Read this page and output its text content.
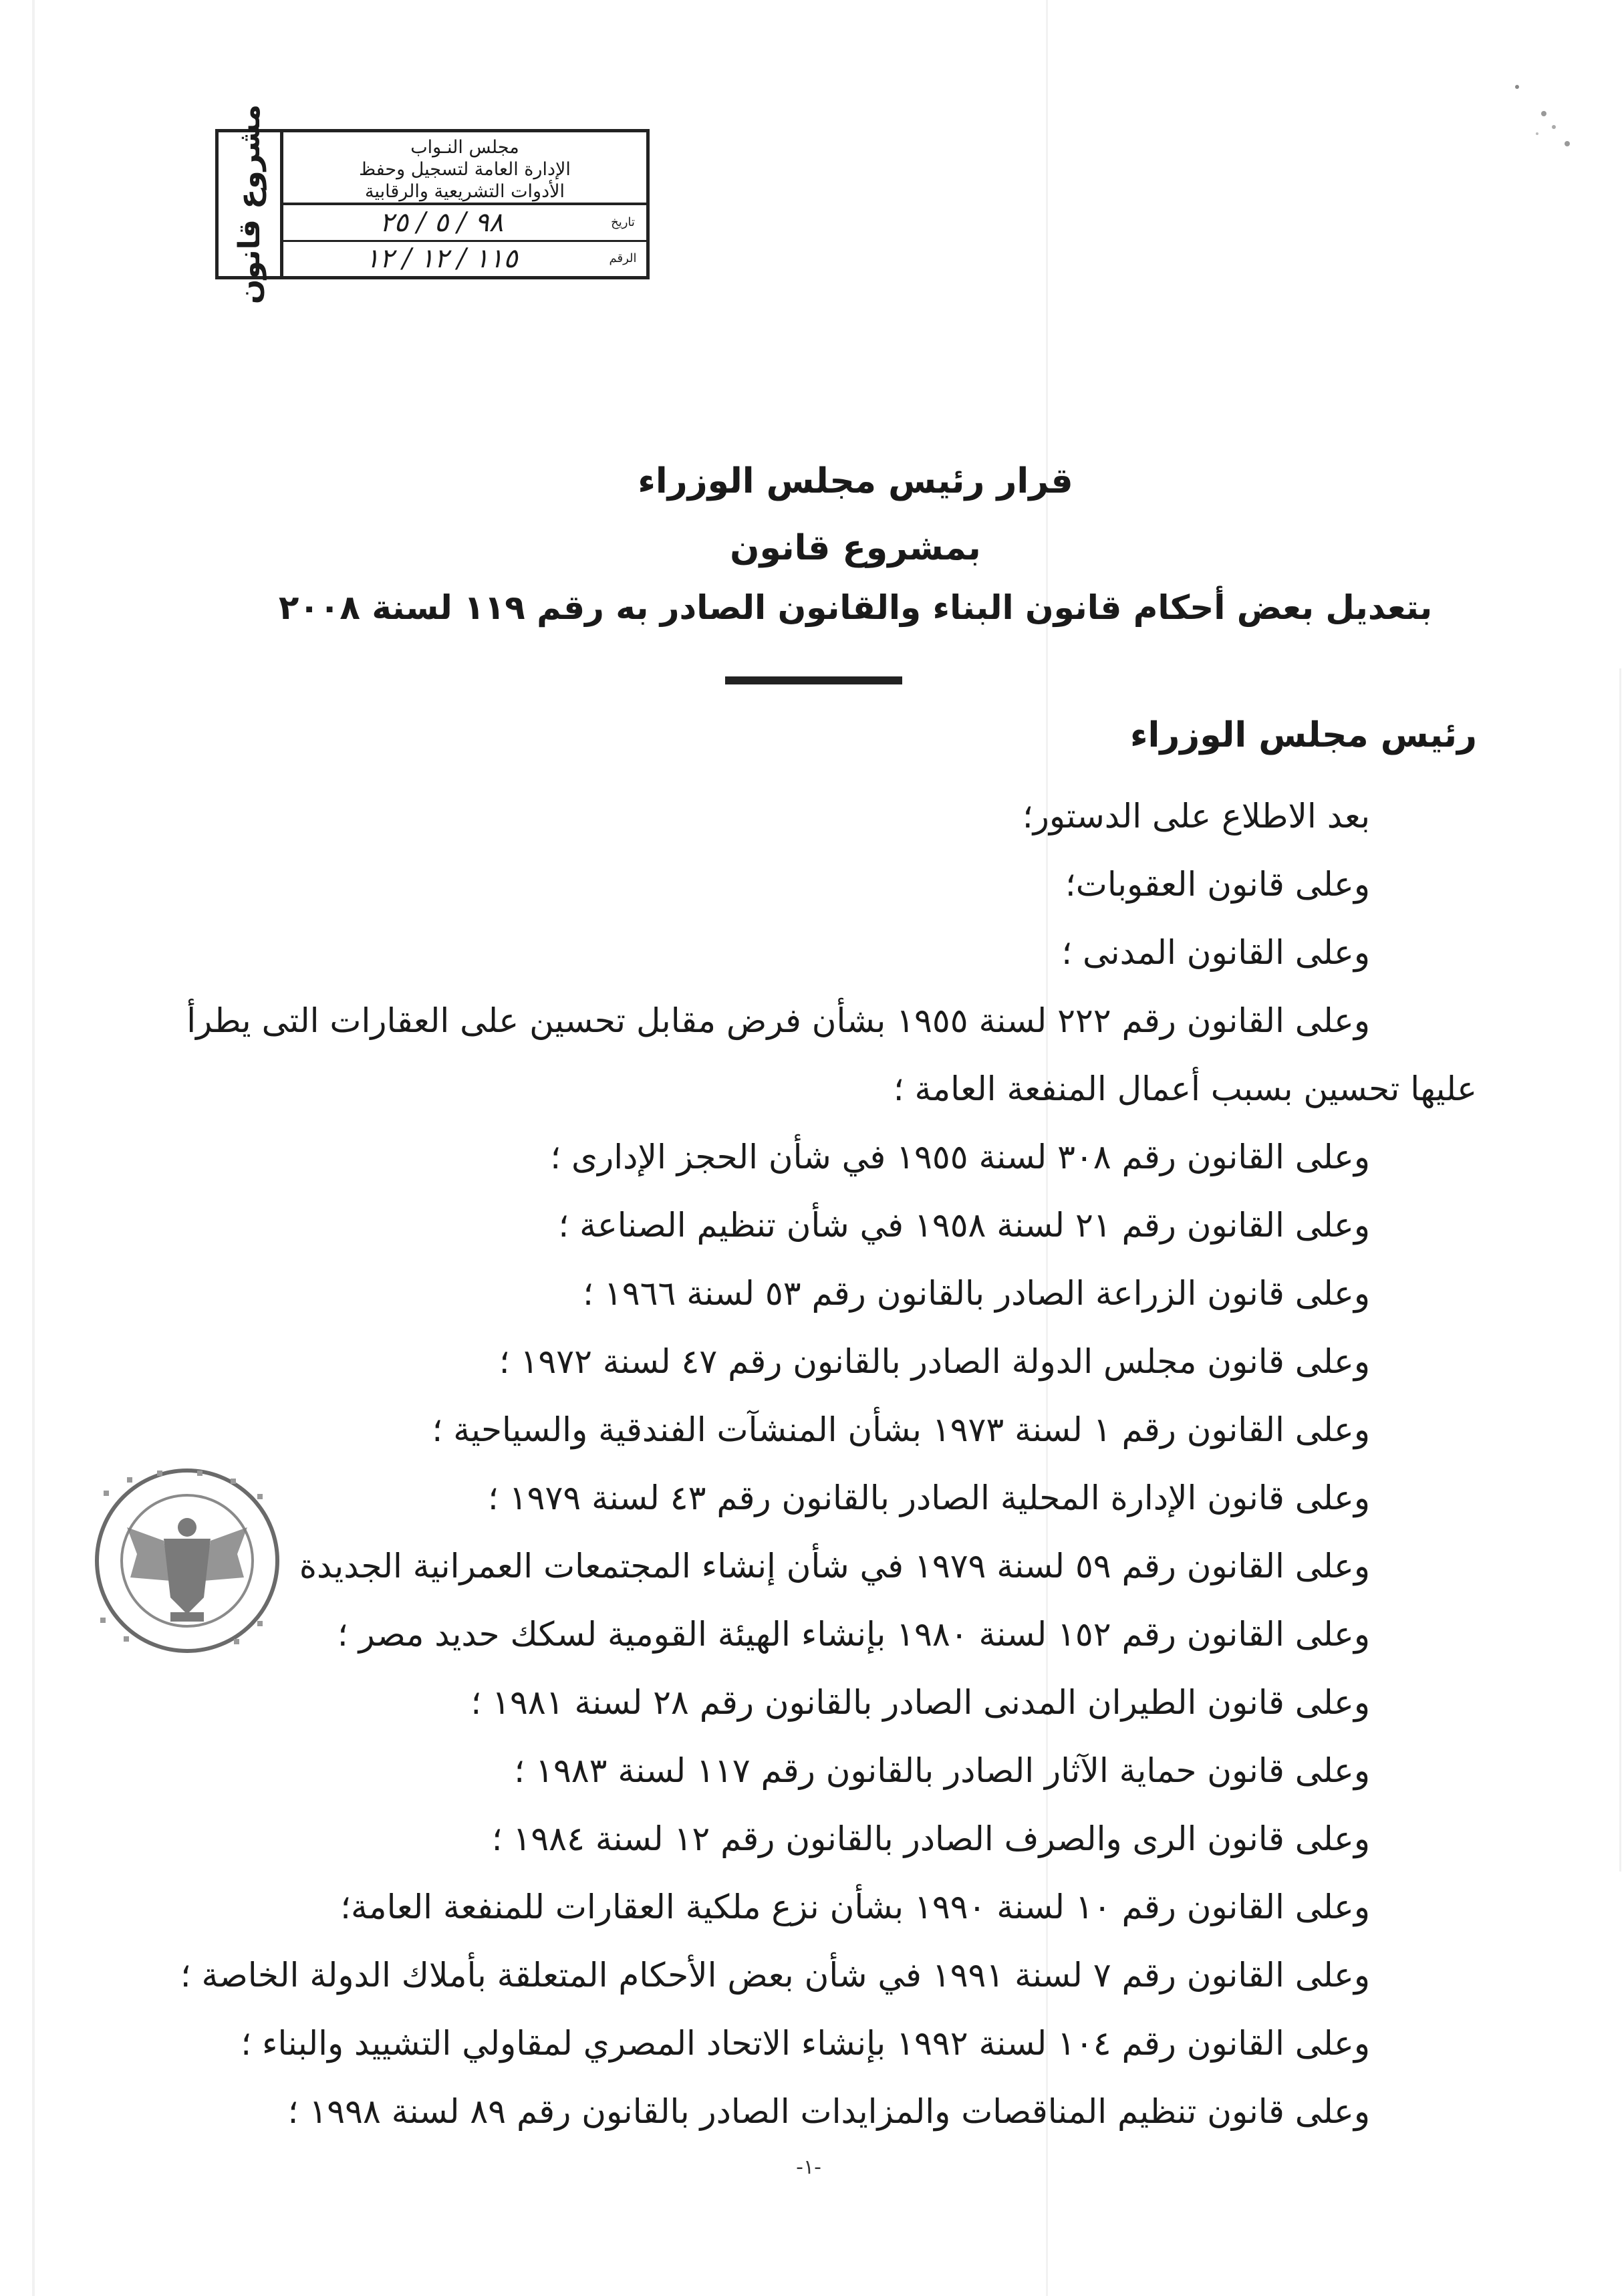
مشروع قانون	مجلس النـواب
الإدارة العامة لتسجيل وحفظ
الأدوات التشريعية والرقابية
تاريخ
٩٨ / ٥ / ٢٥
الرقم
١١٥ / ١٢ / ١٢
قرار رئيس مجلس الوزراء
بمشروع قانون
بتعديل بعض أحكام قانون البناء والقانون الصادر به رقم ١١٩ لسنة ٢٠٠٨
رئيس مجلس الوزراء
بعد الاطلاع على الدستور؛
وعلى قانون العقوبات؛
وعلى القانون المدنى ؛
وعلى القانون رقم ٢٢٢ لسنة ١٩٥٥ بشأن فرض مقابل تحسين على العقارات التى يطرأ
عليها تحسين بسبب أعمال المنفعة العامة ؛
وعلى القانون رقم ٣٠٨ لسنة ١٩٥٥ في شأن الحجز الإدارى ؛
وعلى القانون رقم ٢١ لسنة ١٩٥٨ في شأن تنظيم الصناعة ؛
وعلى قانون الزراعة الصادر بالقانون رقم ٥٣ لسنة ١٩٦٦ ؛
وعلى قانون مجلس الدولة الصادر بالقانون رقم ٤٧ لسنة ١٩٧٢ ؛
وعلى القانون رقم ١ لسنة ١٩٧٣ بشأن المنشآت الفندقية والسياحية ؛
وعلى قانون الإدارة المحلية الصادر بالقانون رقم ٤٣ لسنة ١٩٧٩ ؛
وعلى القانون رقم ٥٩ لسنة ١٩٧٩ في شأن إنشاء المجتمعات العمرانية الجديدة
وعلى القانون رقم ١٥٢ لسنة ١٩٨٠ بإنشاء الهيئة القومية لسكك حديد مصر ؛
وعلى قانون الطيران المدنى الصادر بالقانون رقم ٢٨ لسنة ١٩٨١ ؛
وعلى قانون حماية الآثار الصادر بالقانون رقم ١١٧ لسنة ١٩٨٣ ؛
وعلى قانون الرى والصرف الصادر بالقانون رقم ١٢ لسنة ١٩٨٤ ؛
وعلى القانون رقم ١٠ لسنة ١٩٩٠ بشأن نزع ملكية العقارات للمنفعة العامة؛
وعلى القانون رقم ٧ لسنة ١٩٩١ في شأن بعض الأحكام المتعلقة بأملاك الدولة الخاصة ؛
وعلى القانون رقم ١٠٤ لسنة ١٩٩٢ بإنشاء الاتحاد المصري لمقاولي التشييد والبناء ؛
وعلى قانون تنظيم المناقصات والمزايدات الصادر بالقانون رقم ٨٩ لسنة ١٩٩٨ ؛
-١-
